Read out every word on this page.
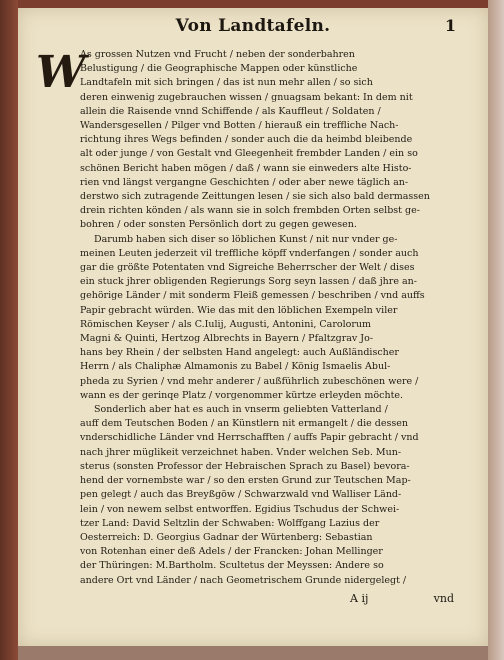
Von Landtafeln.	1
W
As grossen Nutzen vnd Frucht / neben der sonderbahren
Belustigung / die Geographische Mappen oder künstliche
Landtafeln mit sich bringen / das ist nun mehr allen / so sich
deren einwenig zugebrauchen wissen / gnuagsam bekant: In dem nit
allein die Raisende vnnd Schiffende / als Kauffleut / Soldaten /
Wandersgesellen / Pilger vnd Botten / hierauß ein treffliche Nach-
richtung ihres Wegs befinden / sonder auch die da heimbd bleibende
alt oder junge / von Gestalt vnd Gleegenheit frembder Landen / ein so
schönen Bericht haben mögen / daß / wann sie einweders alte Histo-
rien vnd längst vergangne Geschichten / oder aber newe täglich an-
derstwo sich zutragende Zeittungen lesen / sie sich also bald dermassen
drein richten könden / als wann sie in solch frembden Orten selbst ge-
bohren / oder sonsten Persönlich dort zu gegen gewesen.
Darumb haben sich diser so löblichen Kunst / nit nur vnder ge-
meinen Leuten jederzeit vil treffliche köpff vnderfangen / sonder auch
gar die größte Potentaten vnd Sigreiche Beherrscher der Welt / dises
ein stuck jhrer obligenden Regierungs Sorg seyn lassen / daß jhre an-
gehörige Länder / mit sonderm Fleiß gemessen / beschriben / vnd auffs
Papir gebracht würden. Wie das mit den löblichen Exempeln viler
Römischen Keyser / als C.Iulij, Augusti, Antonini, Carolorum
Magni & Quinti, Hertzog Albrechts in Bayern / Pfaltzgrav Jo-
hans bey Rhein / der selbsten Hand angelegt: auch Außländischer
Herrn / als Chaliphæ Almamonis zu Babel / König Ismaelis Abul-
pheda zu Syrien / vnd mehr anderer / außführlich zubeschönen were /
wann es der gerinqe Platz / vorgenommer kürtze erleyden möchte.
Sonderlich aber hat es auch in vnserm geliebten Vatterland /
auff dem Teutschen Boden / an Künstlern nit ermangelt / die dessen
vnderschidliche Länder vnd Herrschafften / auffs Papir gebracht / vnd
nach jhrer müglikeit verzeichnet haben. Vnder welchen Seb. Mun-
sterus (sonsten Professor der Hebraischen Sprach zu Basel) bevora-
hend der vornembste war / so den ersten Grund zur Teutschen Map-
pen gelegt / auch das Breyßgöw / Schwarzwald vnd Walliser Länd-
lein / von newem selbst entworffen. Egidius Tschudus der Schwei-
tzer Land: David Seltzlin der Schwaben: Wolffgang Lazius der
Oesterreich: D. Georgius Gadnar der Würtenberg: Sebastian
von Rotenhan einer deß Adels / der Francken: Johan Mellinger
der Thüringen: M.Bartholm. Scultetus der Meyssen: Andere so
andere Ort vnd Länder / nach Geometrischem Grunde nidergelegt /
A ij	vnd
